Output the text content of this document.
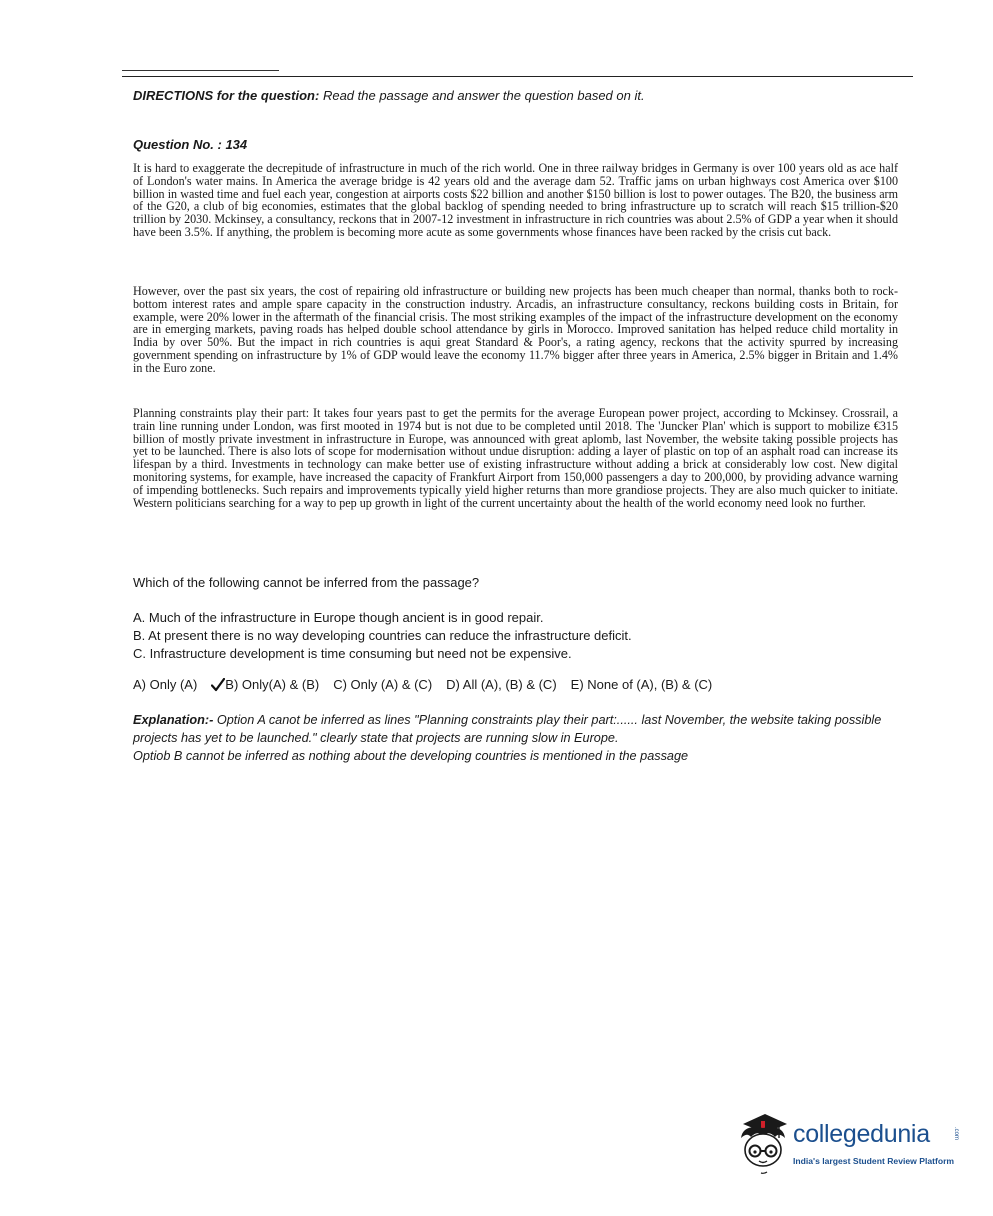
DIRECTIONS for the question: Read the passage and answer the question based on it.
Question No. : 134

It is hard to exaggerate the decrepitude of infrastructure in much of the rich world. One in three railway bridges in Germany is over 100 years old as ace half of London's water mains. In America the average bridge is 42 years old and the average dam 52. Traffic jams on urban highways cost America over $100 billion in wasted time and fuel each year, congestion at airports costs $22 billion and another $150 billion is lost to power outages. The B20, the business arm of the G20, a club of big economies, estimates that the global backlog of spending needed to bring infrastructure up to scratch will reach $15 trillion-$20 trillion by 2030. Mckinsey, a consultancy, reckons that in 2007-12 investment in infrastructure in rich countries was about 2.5% of GDP a year when it should have been 3.5%. If anything, the problem is becoming more acute as some governments whose finances have been racked by the crisis cut back.

However, over the past six years, the cost of repairing old infrastructure or building new projects has been much cheaper than normal, thanks both to rock-bottom interest rates and ample spare capacity in the construction industry. Arcadis, an infrastructure consultancy, reckons building costs in Britain, for example, were 20% lower in the aftermath of the financial crisis. The most striking examples of the impact of the infrastructure development on the economy are in emerging markets, paving roads has helped double school attendance by girls in Morocco. Improved sanitation has helped reduce child mortality in India by over 50%. But the impact in rich countries is aqui great Standard & Poor's, a rating agency, reckons that the activity spurred by increasing government spending on infrastructure by 1% of GDP would leave the economy 11.7% bigger after three years in America, 2.5% bigger in Britain and 1.4% in the Euro zone.

Planning constraints play their part: It takes four years past to get the permits for the average European power project, according to Mckinsey. Crossrail, a train line running under London, was first mooted in 1974 but is not due to be completed until 2018. The 'Juncker Plan' which is support to mobilize €315 billion of mostly private investment in infrastructure in Europe, was announced with great aplomb, last November, the website taking possible projects has yet to be launched. There is also lots of scope for modernisation without undue disruption: adding a layer of plastic on top of an asphalt road can increase its lifespan by a third. Investments in technology can make better use of existing infrastructure without adding a brick at considerably low cost. New digital monitoring systems, for example, have increased the capacity of Frankfurt Airport from 150,000 passengers a day to 200,000, by providing advance warning of impending bottlenecks. Such repairs and improvements typically yield higher returns than more grandiose projects. They are also much quicker to initiate. Western politicians searching for a way to pep up growth in light of the current uncertainty about the health of the world economy need look no further.

Which of the following cannot be inferred from the passage?
A. Much of the infrastructure in Europe though ancient is in good repair.
B. At present there is no way developing countries can reduce the infrastructure deficit.
C. Infrastructure development is time consuming but need not be expensive.
A) Only (A) B) Only(A) & (B) C) Only (A) & (C) D) All (A), (B) & (C) E) None of (A), (B) & (C)
Explanation:- Option A canot be inferred as lines "Planning constraints play their part:...... last November, the website taking possible projects has yet to be launched." clearly state that projects are running slow in Europe.
Optiob B cannot be inferred as nothing about the developing countries is mentioned in the passage
collegedunia	.com
India's largest Student Review Platform
